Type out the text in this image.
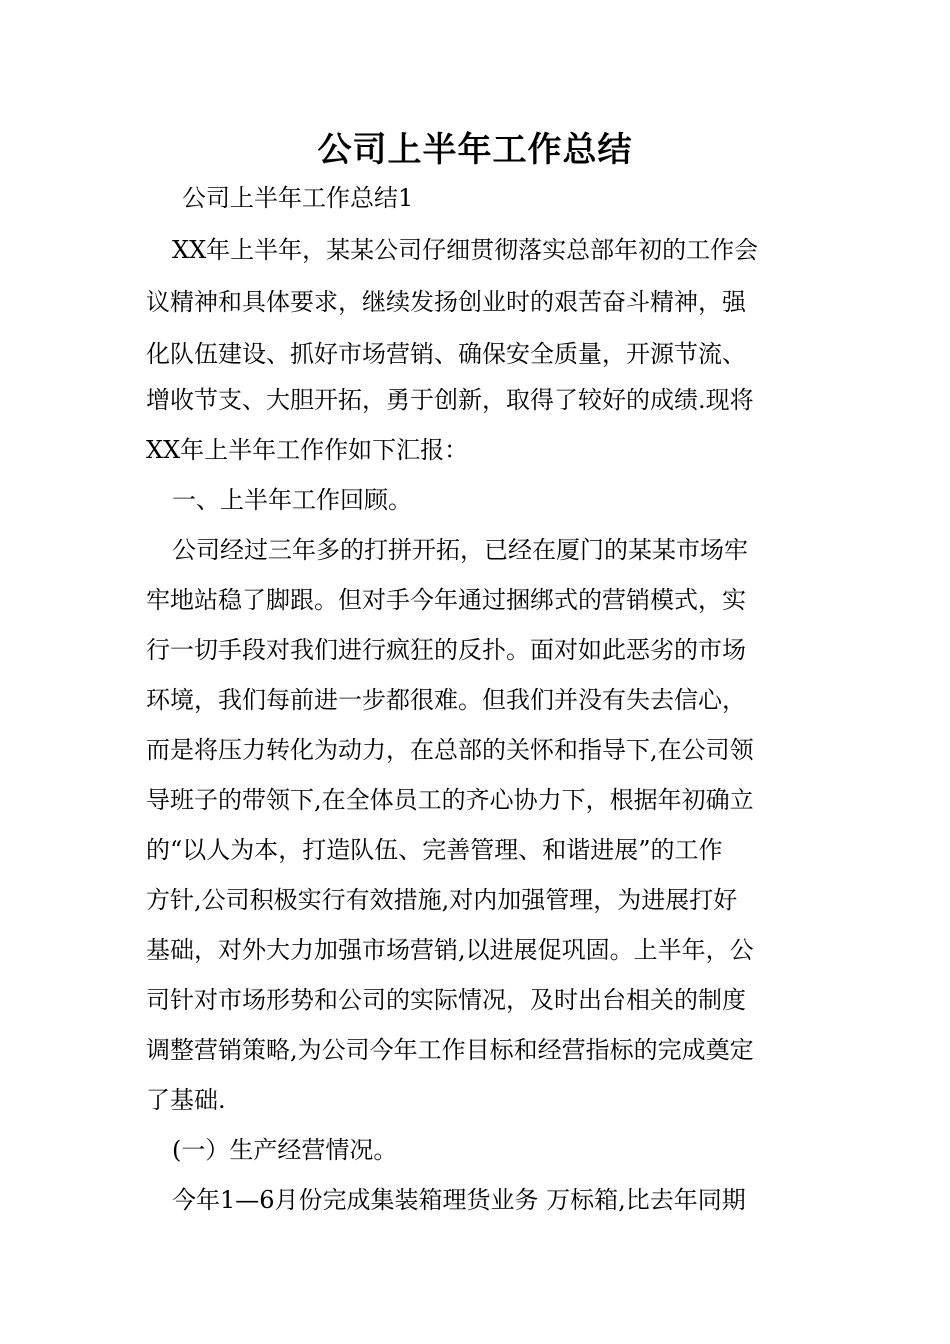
公司上半年工作总结
公司上半年工作总结1
XX年上半年，某某公司仔细贯彻落实总部年初的工作会
议精神和具体要求，继续发扬创业时的艰苦奋斗精神，强
化队伍建设、抓好市场营销、确保安全质量，开源节流、
增收节支、大胆开拓，勇于创新，取得了较好的成绩.现将
XX年上半年工作作如下汇报：
一、上半年工作回顾。
公司经过三年多的打拼开拓，已经在厦门的某某市场牢
牢地站稳了脚跟。但对手今年通过捆绑式的营销模式，实
行一切手段对我们进行疯狂的反扑。面对如此恶劣的市场
环境，我们每前进一步都很难。但我们并没有失去信心，
而是将压力转化为动力，在总部的关怀和指导下,在公司领
导班子的带领下,在全体员工的齐心协力下，根据年初确立
的“以人为本，打造队伍、完善管理、和谐进展”的工作
方针,公司积极实行有效措施,对内加强管理，为进展打好
基础，对外大力加强市场营销,以进展促巩固。上半年，公
司针对市场形势和公司的实际情况，及时出台相关的制度
调整营销策略,为公司今年工作目标和经营指标的完成奠定
了基础.
(一）生产经营情况。
今年1—6月份完成集装箱理货业务 万标箱,比去年同期
